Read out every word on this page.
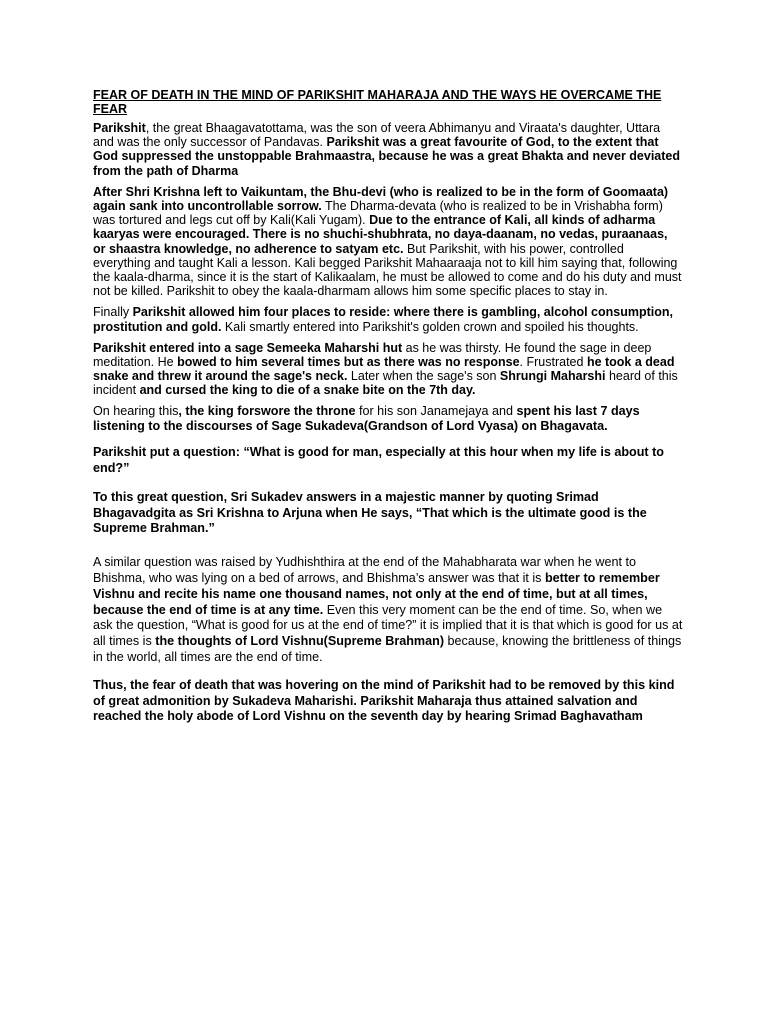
FEAR OF DEATH IN THE MIND OF PARIKSHIT MAHARAJA AND THE WAYS HE OVERCAME THE FEAR

Parikshit, the great Bhaagavatottama, was the son of veera Abhimanyu and Viraata's daughter, Uttara and was the only successor of Pandavas. Parikshit was a great favourite of God, to the extent that God suppressed the unstoppable Brahmaastra, because he was a great Bhakta and never deviated from the path of Dharma

After Shri Krishna left to Vaikuntam, the Bhu-devi (who is realized to be in the form of Goomaata) again sank into uncontrollable sorrow. The Dharma-devata (who is realized to be in Vrishabha form) was tortured and legs cut off by Kali(Kali Yugam). Due to the entrance of Kali, all kinds of adharma kaaryas were encouraged. There is no shuchi-shubhrata, no daya-daanam, no vedas, puraanaas, or shaastra knowledge, no adherence to satyam etc. But Parikshit, with his power, controlled everything and taught Kali a lesson. Kali begged Parikshit Mahaaraaja not to kill him saying that, following the kaala-dharma, since it is the start of Kalikaalam, he must be allowed to come and do his duty and must not be killed. Parikshit to obey the kaala-dharmam allows him some specific places to stay in.

Finally Parikshit allowed him four places to reside: where there is gambling, alcohol consumption, prostitution and gold. Kali smartly entered into Parikshit's golden crown and spoiled his thoughts.

Parikshit entered into a sage Semeeka Maharshi hut as he was thirsty. He found the sage in deep meditation. He bowed to him several times but as there was no response. Frustrated he took a dead snake and threw it around the sage's neck. Later when the sage's son Shrungi Maharshi heard of this incident and cursed the king to die of a snake bite on the 7th day.

On hearing this, the king forswore the throne for his son Janamejaya and spent his last 7 days listening to the discourses of Sage Sukadeva(Grandson of Lord Vyasa) on Bhagavata.

Parikshit put a question: “What is good for man, especially at this hour when my life is about to end?”

To this great question, Sri Sukadev answers in a majestic manner by quoting Srimad Bhagavadgita as Sri Krishna to Arjuna when He says, “That which is the ultimate good is the Supreme Brahman.”

A similar question was raised by Yudhishthira at the end of the Mahabharata war when he went to Bhishma, who was lying on a bed of arrows, and Bhishma’s answer was that it is better to remember Vishnu and recite his name one thousand names, not only at the end of time, but at all times, because the end of time is at any time. Even this very moment can be the end of time. So, when we ask the question, “What is good for us at the end of time?” it is implied that it is that which is good for us at all times is the thoughts of Lord Vishnu(Supreme Brahman) because, knowing the brittleness of things in the world, all times are the end of time.

Thus, the fear of death that was hovering on the mind of Parikshit had to be removed by this kind of great admonition by Sukadeva Maharishi. Parikshit Maharaja thus attained salvation and reached the holy abode of Lord Vishnu on the seventh day by hearing Srimad Baghavatham
